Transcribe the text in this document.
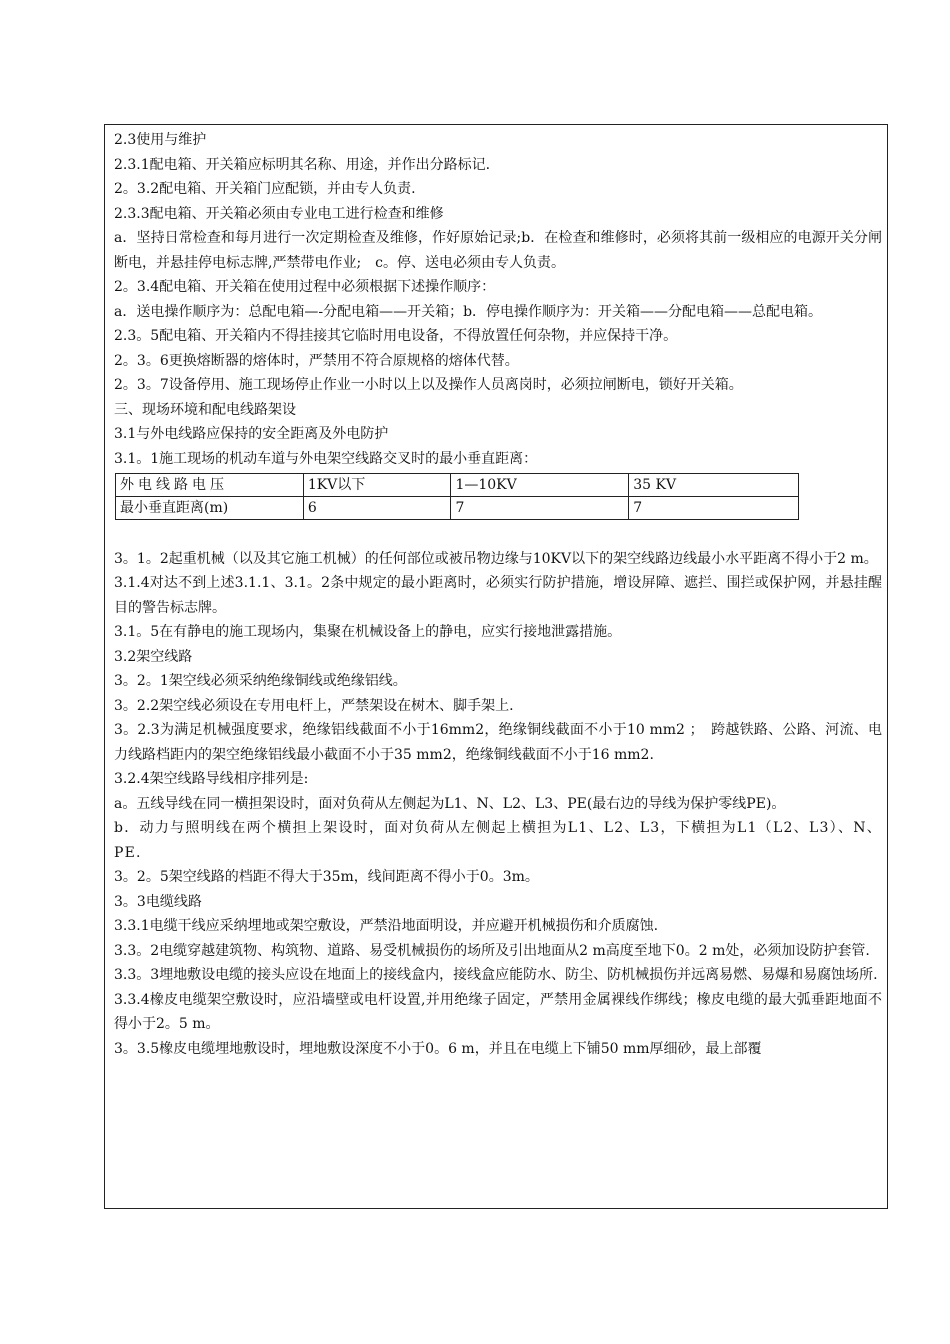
2.3使用与维护
2.3.1配电箱、开关箱应标明其名称、用途，并作出分路标记.
2。3.2配电箱、开关箱门应配锁，并由专人负责.
2.3.3配电箱、开关箱必须由专业电工进行检查和维修
a．坚持日常检查和每月进行一次定期检查及维修，作好原始记录;b．在检查和维修时，必须将其前一级相应的电源开关分闸断电，并悬挂停电标志牌,严禁带电作业;　c。停、送电必须由专人负责。
2。3.4配电箱、开关箱在使用过程中必须根据下述操作顺序：
a．送电操作顺序为：总配电箱—-分配电箱——开关箱；b．停电操作顺序为：开关箱——分配电箱——总配电箱。
2.3。5配电箱、开关箱内不得挂接其它临时用电设备，不得放置任何杂物，并应保持干净。
2。3。6更换熔断器的熔体时，严禁用不符合原规格的熔体代替。
2。3。7设备停用、施工现场停止作业一小时以上以及操作人员离岗时，必须拉闸断电，锁好开关箱。
三、现场环境和配电线路架设
3.1与外电线路应保持的安全距离及外电防护
3.1。1施工现场的机动车道与外电架空线路交叉时的最小垂直距离：
外电线路电压	1KV以下	1—10KV	35 KV
最小垂直距离(m)	6	7	7
3。1。2起重机械（以及其它施工机械）的任何部位或被吊物边缘与10KV以下的架空线路边线最小水平距离不得小于2 m。
3.1.4对达不到上述3.1.1、3.1。2条中规定的最小距离时，必须实行防护措施，增设屏障、遮拦、围拦或保护网，并悬挂醒目的警告标志牌。
3.1。5在有静电的施工现场内，集聚在机械设备上的静电，应实行接地泄露措施。
3.2架空线路
3。2。1架空线必须采纳绝缘铜线或绝缘铝线。
3。2.2架空线必须设在专用电杆上，严禁架设在树木、脚手架上.
3。2.3为满足机械强度要求，绝缘铝线截面不小于16mm2，绝缘铜线截面不小于10 mm2 ；　跨越铁路、公路、河流、电力线路档距内的架空绝缘铝线最小截面不小于35 mm2，绝缘铜线截面不小于16 mm2.
3.2.4架空线路导线相序排列是:
a。五线导线在同一横担架设时，面对负荷从左侧起为L1、N、L2、L3、PE(最右边的导线为保护零线PE)。
b．动力与照明线在两个横担上架设时，面对负荷从左侧起上横担为L1、L2、L3，下横担为L1（L2、L3）、N、PE.
3。2。5架空线路的档距不得大于35m，线间距离不得小于0。3m。
3。3电缆线路
3.3.1电缆干线应采纳埋地或架空敷设，严禁沿地面明设，并应避开机械损伤和介质腐蚀.
3.3。2电缆穿越建筑物、构筑物、道路、易受机械损伤的场所及引出地面从2 m高度至地下0。2 m处，必须加设防护套管.
3.3。3埋地敷设电缆的接头应设在地面上的接线盒内，接线盒应能防水、防尘、防机械损伤并远离易燃、易爆和易腐蚀场所.
3.3.4橡皮电缆架空敷设时，应沿墙壁或电杆设置,并用绝缘子固定，严禁用金属裸线作绑线；橡皮电缆的最大弧垂距地面不得小于2。5 m。
3。3.5橡皮电缆埋地敷设时，埋地敷设深度不小于0。6 m，并且在电缆上下铺50 mm厚细砂，最上部覆
